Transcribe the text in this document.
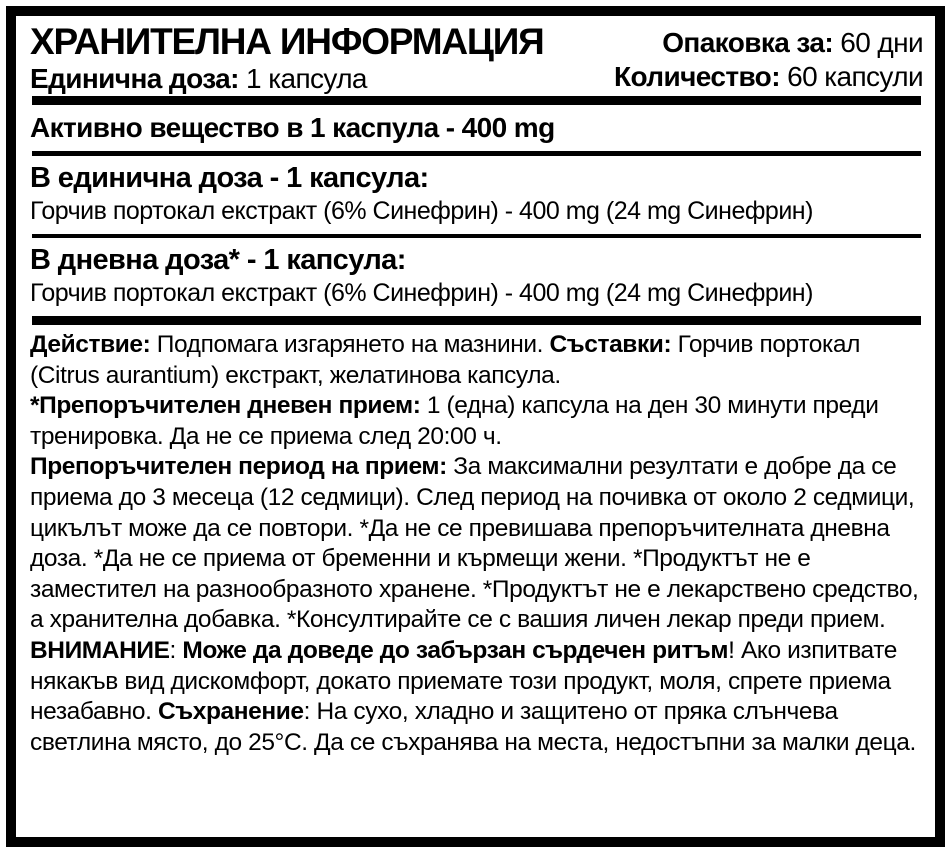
ХРАНИТЕЛНА ИНФОРМАЦИЯ
Единична доза: 1 капсула
Опаковка за: 60 дни
Количество: 60 капсули
Активно вещество в 1 каспула - 400 mg
В единична доза - 1 капсула:
Горчив портокал екстракт (6% Синефрин) - 400 mg (24 mg Синефрин)
В дневна доза* - 1 капсула:
Горчив портокал екстракт (6% Синефрин) - 400 mg (24 mg Синефрин)

Действие: Подпомага изгарянето на мазнини. Съставки: Горчив портокал (Citrus aurantium) екстракт, желатинова капсула.

*Препоръчителен дневен прием: 1 (една) капсула на ден 30 минути преди тренировка. Да не се приема след 20:00 ч.

Препоръчителен период на прием: За максимални резултати е добре да се приема до 3 месеца (12 седмици). След период на почивка от около 2 седмици, цикълът може да се повтори. *Да не се превишава препоръчителната дневна доза. *Да не се приема от бременни и кърмещи жени. *Продуктът не е заместител на разнообразното хранене. *Продуктът не е лекарствено средство, а хранителна добавка. *Консултирайте се с вашия личен лекар преди прием.

ВНИМАНИЕ: Може да доведе до забързан сърдечен ритъм! Ако изпитвате някакъв вид дискомфорт, докато приемате този продукт, моля, спрете приема незабавно. Съхранение: На сухо, хладно и защитено от пряка слънчева светлина място, до 25°C. Да се съхранява на места, недостъпни за малки деца.
